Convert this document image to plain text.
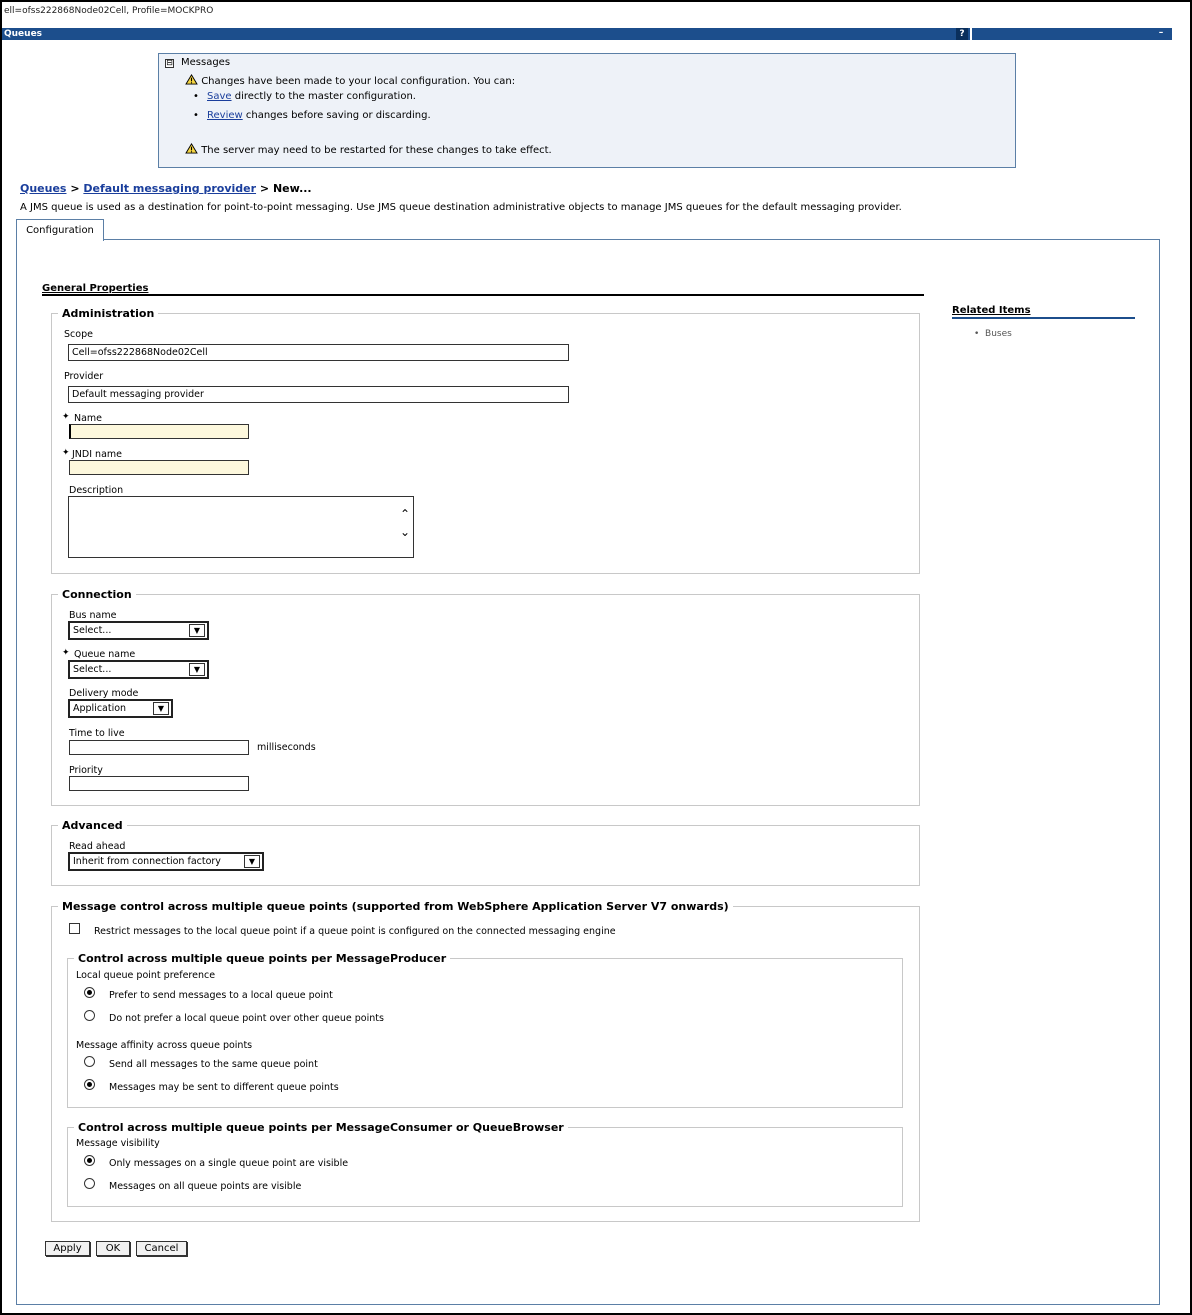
ell=ofss222868Node02Cell, Profile=MOCKPRO
Queues	?	–
⊟ Messages
Changes have been made to your local configuration. You can:
• Save directly to the master configuration.
• Review changes before saving or discarding.
The server may need to be restarted for these changes to take effect.
Queues > Default messaging provider > New...
A JMS queue is used as a destination for point-to-point messaging. Use JMS queue destination administrative objects to manage JMS queues for the default messaging provider.
Configuration
General Properties
Related Items
• Buses
Administration
Scope
Cell=ofss222868Node02Cell
Provider
Default messaging provider
✦ Name
✦ JNDI name
Description
⌃
⌄
Connection
Bus name
Select...	▼
✦ Queue name
Select...	▼
Delivery mode
Application	▼
Time to live
milliseconds
Priority
Advanced
Read ahead
Inherit from connection factory	▼
Message control across multiple queue points (supported from WebSphere Application Server V7 onwards)
Restrict messages to the local queue point if a queue point is configured on the connected messaging engine
Control across multiple queue points per MessageProducer
Local queue point preference
Prefer to send messages to a local queue point
Do not prefer a local queue point over other queue points
Message affinity across queue points
Send all messages to the same queue point
Messages may be sent to different queue points
Control across multiple queue points per MessageConsumer or QueueBrowser
Message visibility
Only messages on a single queue point are visible
Messages on all queue points are visible
Apply	OK	Cancel
